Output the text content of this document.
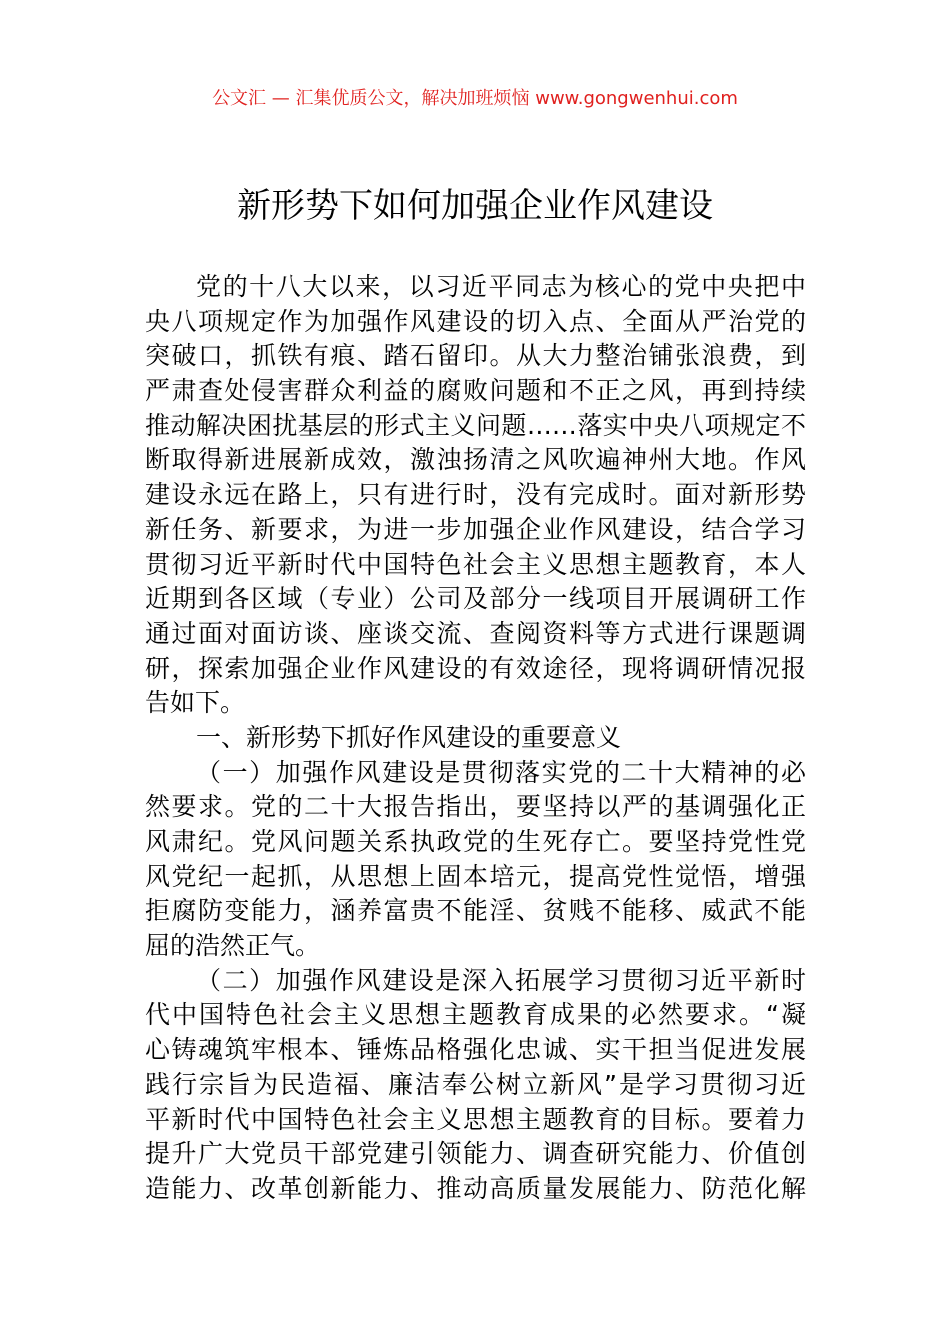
公文汇 — 汇集优质公文，解决加班烦恼 www.gongwenhui.com
新形势下如何加强企业作风建设
党的十八大以来，以习近平同志为核心的党中央把中
央八项规定作为加强作风建设的切入点、全面从严治党的
突破口，抓铁有痕、踏石留印。从大力整治铺张浪费，到
严肃查处侵害群众利益的腐败问题和不正之风，再到持续
推动解决困扰基层的形式主义问题……落实中央八项规定不
断取得新进展新成效，激浊扬清之风吹遍神州大地。作风
建设永远在路上，只有进行时，没有完成时。面对新形势
新任务、新要求，为进一步加强企业作风建设，结合学习
贯彻习近平新时代中国特色社会主义思想主题教育，本人
近期到各区域（专业）公司及部分一线项目开展调研工作
通过面对面访谈、座谈交流、查阅资料等方式进行课题调
研，探索加强企业作风建设的有效途径，现将调研情况报
告如下。
一、新形势下抓好作风建设的重要意义
（一）加强作风建设是贯彻落实党的二十大精神的必
然要求。党的二十大报告指出，要坚持以严的基调强化正
风肃纪。党风问题关系执政党的生死存亡。要坚持党性党
风党纪一起抓，从思想上固本培元，提高党性觉悟，增强
拒腐防变能力，涵养富贵不能淫、贫贱不能移、威武不能
屈的浩然正气。
（二）加强作风建设是深入拓展学习贯彻习近平新时
代中国特色社会主义思想主题教育成果的必然要求。“凝
心铸魂筑牢根本、锤炼品格强化忠诚、实干担当促进发展
践行宗旨为民造福、廉洁奉公树立新风”是学习贯彻习近
平新时代中国特色社会主义思想主题教育的目标。要着力
提升广大党员干部党建引领能力、调查研究能力、价值创
造能力、改革创新能力、推动高质量发展能力、防范化解
